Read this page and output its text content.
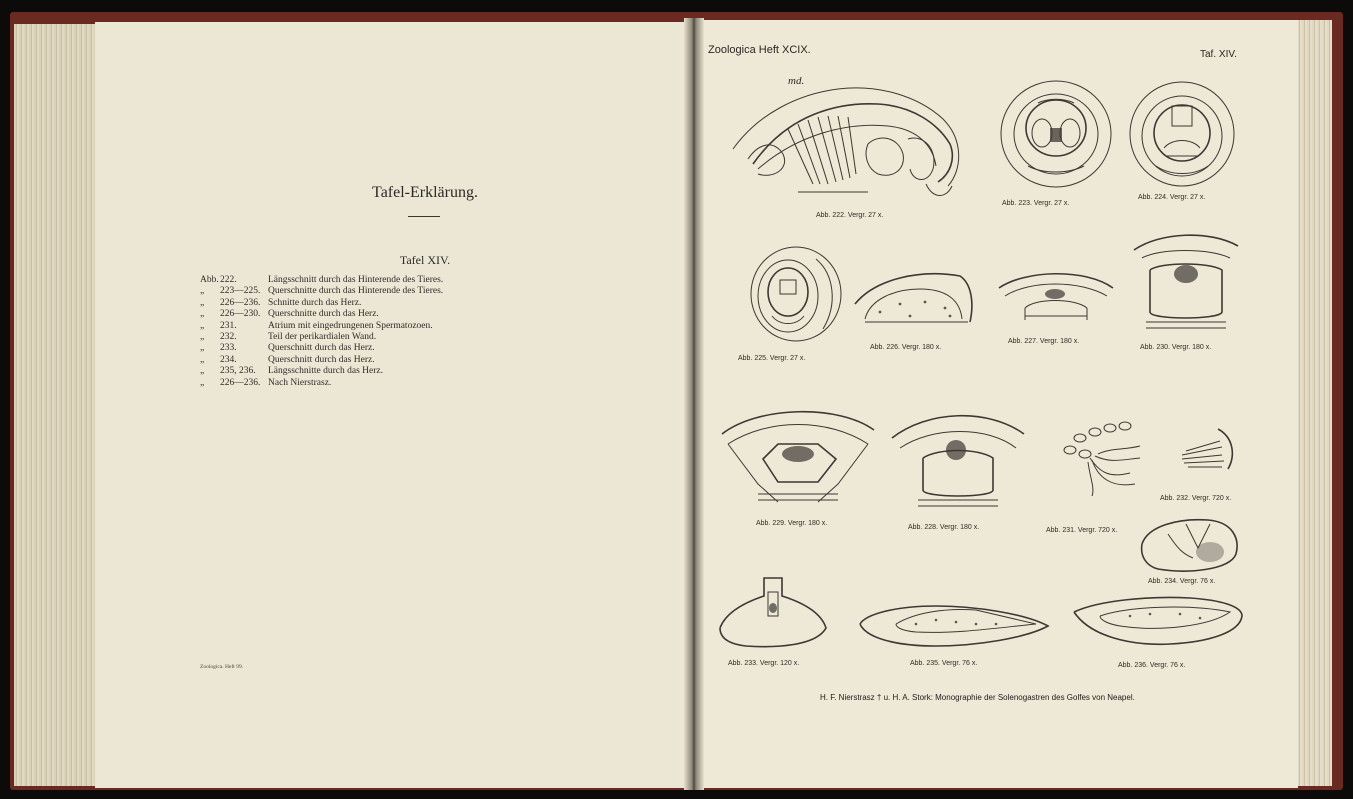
Tafel-Erklärung.
Tafel XIV.
Abb. 222.	Längsschnitt durch das Hinterende des Tieres.
„	223—225. Querschnitte durch das Hinterende des Tieres.
„	226—236. Schnitte durch das Herz.
„	226—230. Querschnitte durch das Herz.
„	231.	Atrium mit eingedrungenen Spermatozoen.
„	232.	Teil der perikardialen Wand.
„	233.	Querschnitt durch das Herz.
„	234.	Querschnitt durch das Herz.
„	235, 236.	Längsschnitte durch das Herz.
„	226—236. Nach Nierstrasz.
Zoologica. Heft 99.
Zoologica Heft XCIX.	Taf. XIV.
md.
Abb. 222. Vergr. 27 x.
Abb. 223. Vergr. 27 x.
Abb. 224. Vergr. 27 x.
Abb. 225. Vergr. 27 x.
Abb. 226. Vergr. 180 x.
Abb. 227. Vergr. 180 x.
Abb. 230. Vergr. 180 x.
Abb. 229. Vergr. 180 x.
Abb. 228. Vergr. 180 x.	Abb. 231. Vergr. 720 x.
Abb. 232. Vergr. 720 x.
Abb. 234. Vergr. 76 x.
Abb. 233. Vergr. 120 x.	Abb. 235. Vergr. 76 x.	Abb. 236. Vergr. 76 x.
H. F. Nierstrasz † u. H. A. Stork: Monographie der Solenogastren des Golfes von Neapel.
